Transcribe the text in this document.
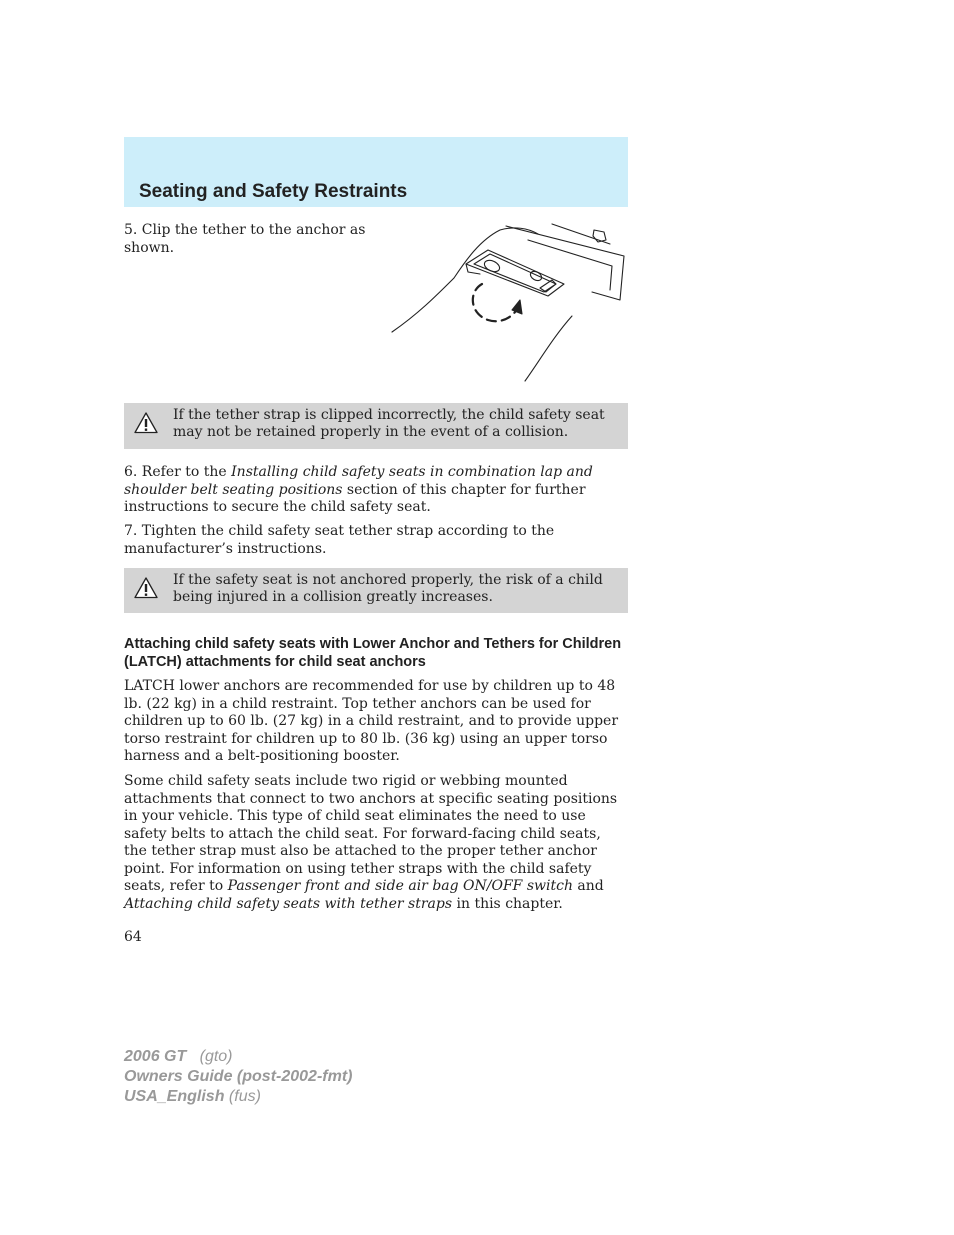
Seating and Safety Restraints

5. Clip the tether to the anchor as shown.

If the tether strap is clipped incorrectly, the child safety seat may not be retained properly in the event of a collision.

6. Refer to the Installing child safety seats in combination lap and shoulder belt seating positions section of this chapter for further instructions to secure the child safety seat.

7. Tighten the child safety seat tether strap according to the manufacturer’s instructions.

If the safety seat is not anchored properly, the risk of a child being injured in a collision greatly increases.

Attaching child safety seats with Lower Anchor and Tethers for Children (LATCH) attachments for child seat anchors

LATCH lower anchors are recommended for use by children up to 48 lb. (22 kg) in a child restraint. Top tether anchors can be used for children up to 60 lb. (27 kg) in a child restraint, and to provide upper torso restraint for children up to 80 lb. (36 kg) using an upper torso harness and a belt-positioning booster.

Some child safety seats include two rigid or webbing mounted attachments that connect to two anchors at specific seating positions in your vehicle. This type of child seat eliminates the need to use safety belts to attach the child seat. For forward-facing child seats, the tether strap must also be attached to the proper tether anchor point. For information on using tether straps with the child safety seats, refer to Passenger front and side air bag ON/OFF switch and Attaching child safety seats with tether straps in this chapter.

64

2006 GT (gto)
Owners Guide (post-2002-fmt)
USA_English (fus)
